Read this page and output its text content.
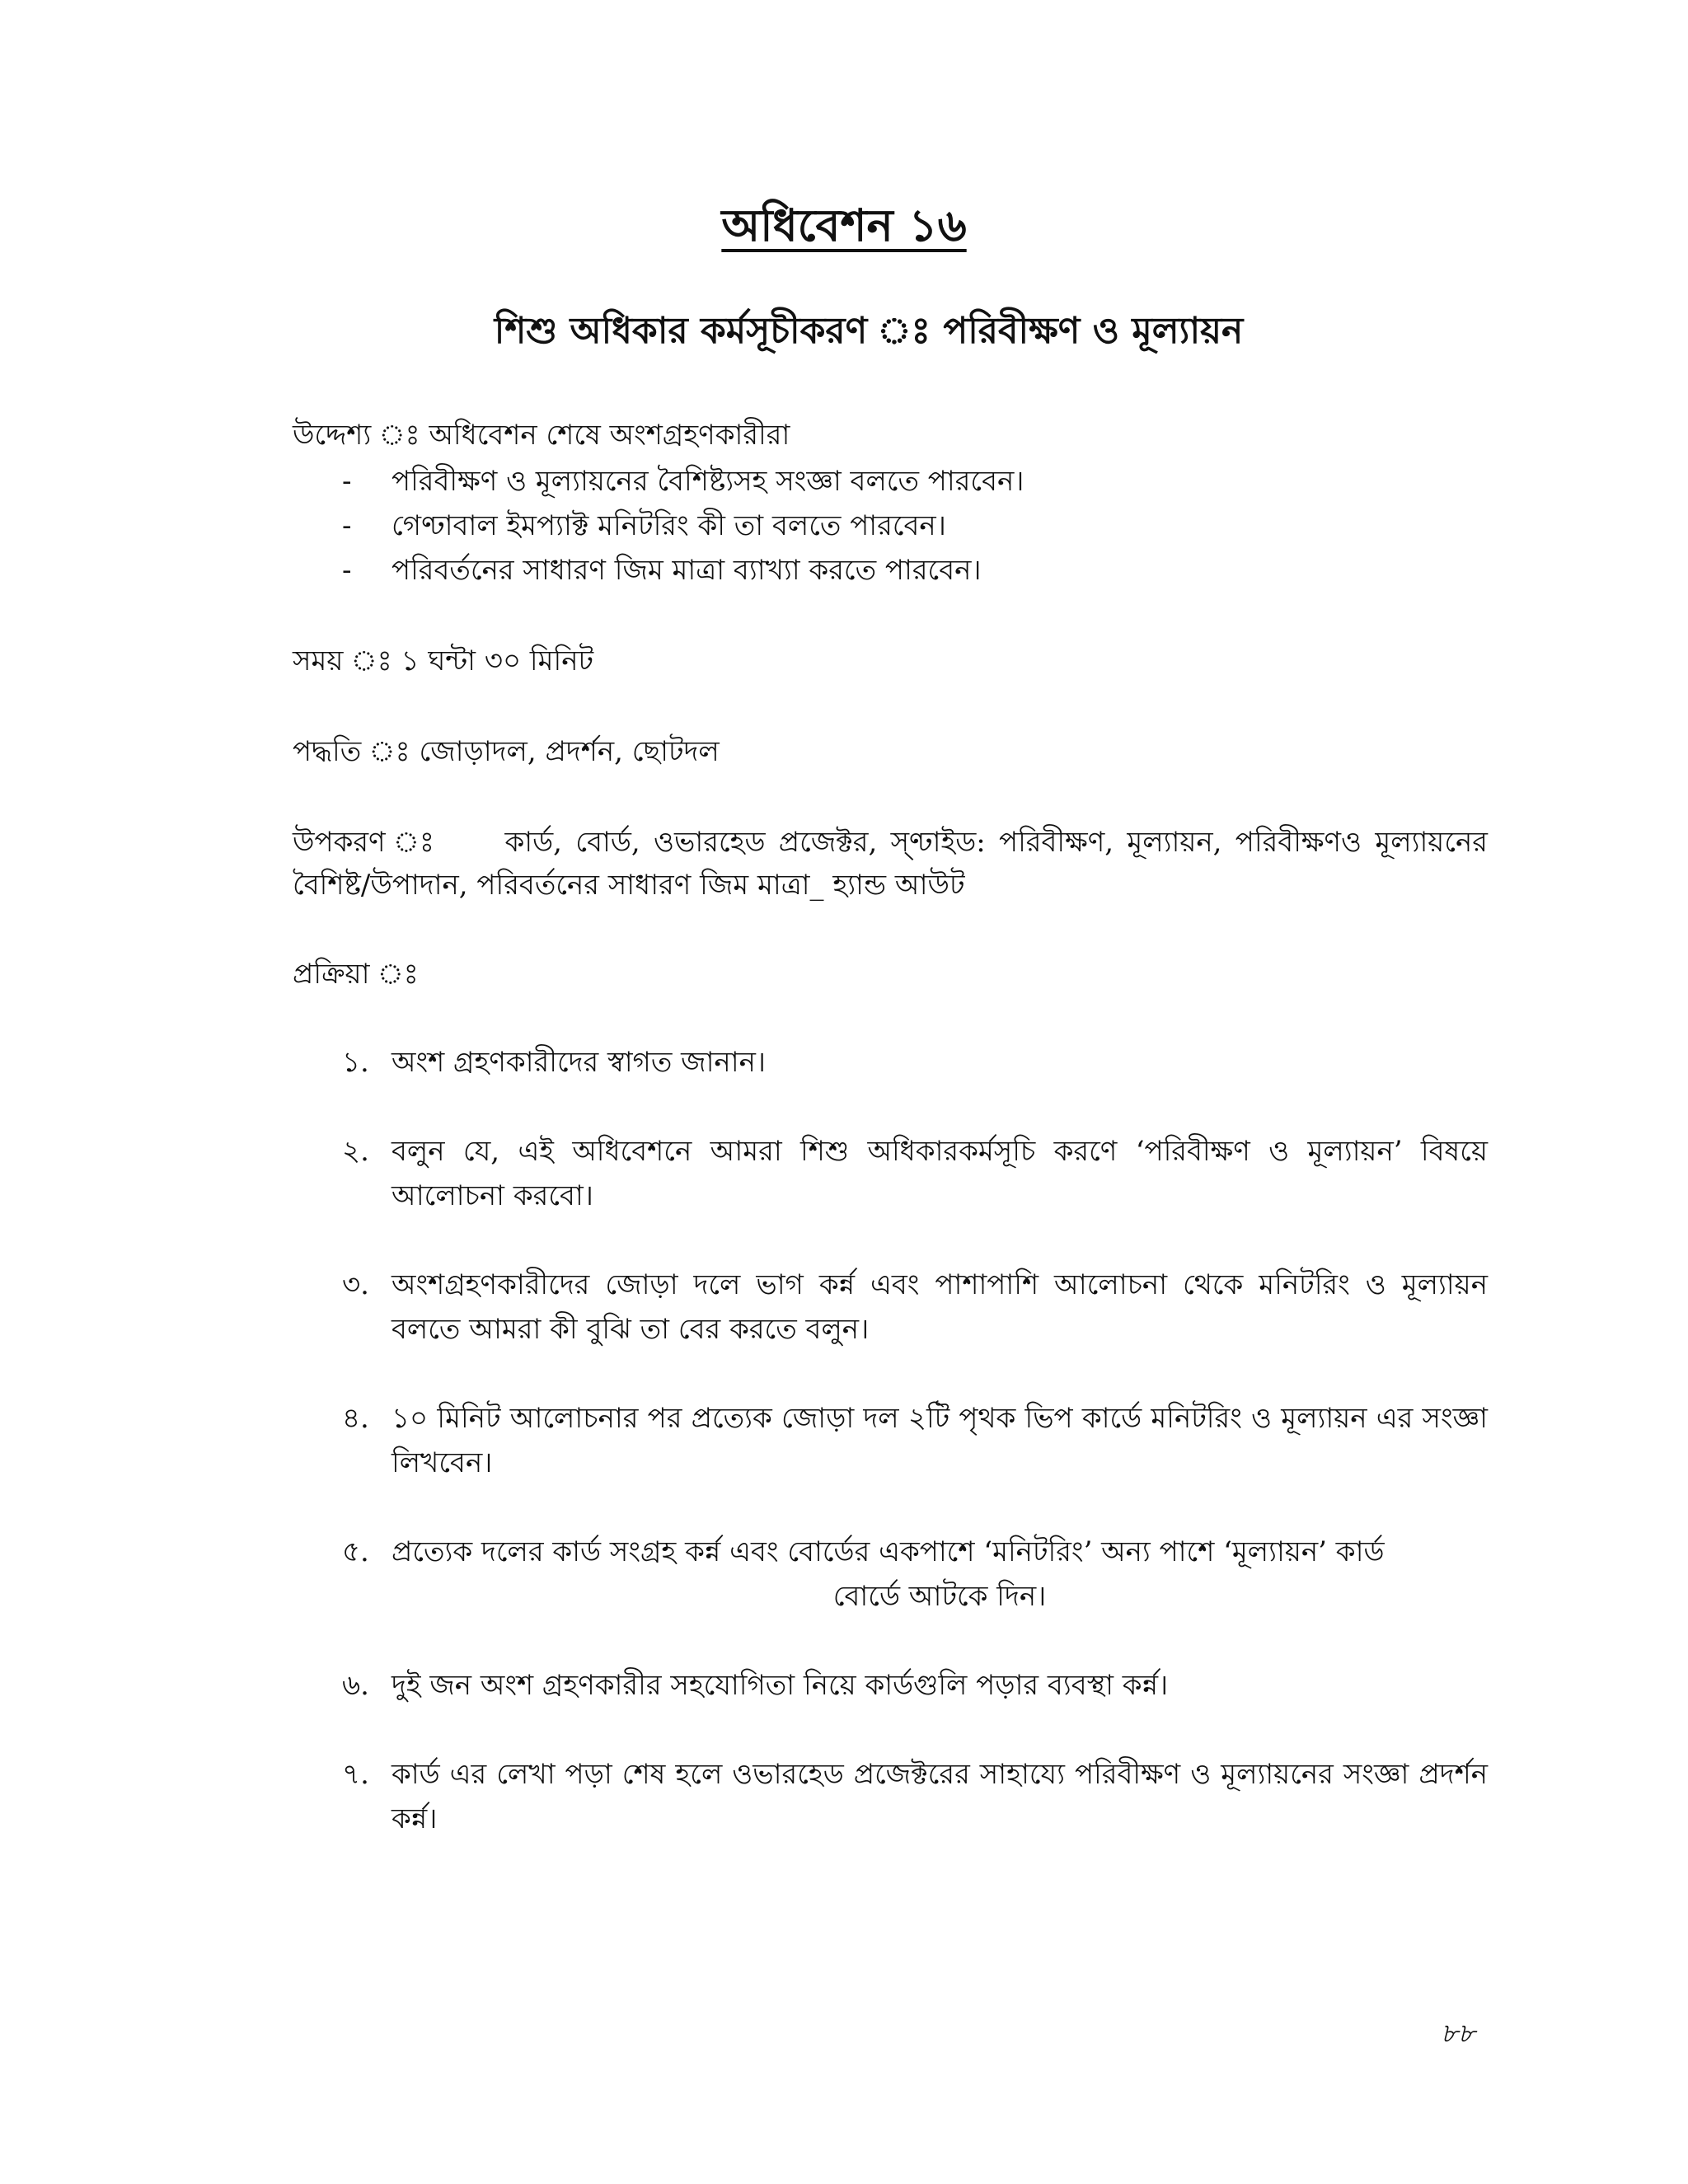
অধিবেশন ১৬
শিশু অধিকার কর্মসূচীকরণ ঃ পরিবীক্ষণ ও মূল্যায়ন
উদ্দেশ্য ঃ অধিবেশন শেষে অংশগ্রহণকারীরা
-	পরিবীক্ষণ ও মূল্যায়নের বৈশিষ্ট্যসহ সংজ্ঞা বলতে পারবেন।
-	গেণ্ঢাবাল ইমপ্যাক্ট মনিটরিং কী তা বলতে পারবেন।
-	পরিবর্তনের সাধারণ জিম মাত্রা ব্যাখ্যা করতে পারবেন।
সময় ঃ ১ ঘন্টা ৩০ মিনিট
পদ্ধতি ঃ জোড়াদল, প্রদর্শন, ছোটদল
উপকরণ ঃ কার্ড, বোর্ড, ওভারহেড প্রজেক্টর, স্ণ্ঢাইড: পরিবীক্ষণ, মূল্যায়ন, পরিবীক্ষণও মূল্যায়নের বৈশিষ্ট/উপাদান, পরিবর্তনের সাধারণ জিম মাত্রা_ হ্যান্ড আউট
প্রক্রিয়া ঃ
১. অংশ গ্রহণকারীদের স্বাগত জানান।
২. বলুন যে, এই অধিবেশনে আমরা শিশু অধিকারকর্মসূচি করণে ‘পরিবীক্ষণ ও মূল্যায়ন’ বিষয়ে আলোচনা করবো।
৩. অংশগ্রহণকারীদের জোড়া দলে ভাগ কর্ন্ন এবং পাশাপাশি আলোচনা থেকে মনিটরিং ও মূল্যায়ন বলতে আমরা কী বুঝি তা বের করতে বলুন।
৪. ১০ মিনিট আলোচনার পর প্রত্যেক জোড়া দল ২টি পৃথক ভিপ কার্ডে মনিটরিং ও মূল্যায়ন এর সংজ্ঞা লিখবেন।
৫. প্রত্যেক দলের কার্ড সংগ্রহ কর্ন্ন এবং বোর্ডের একপাশে ‘মনিটরিং’ অন্য পাশে ‘মূল্যায়ন’ কার্ড
বোর্ডে আটকে দিন।
৬. দুই জন অংশ গ্রহণকারীর সহযোগিতা নিয়ে কার্ডগুলি পড়ার ব্যবস্থা কর্ন্ন।
৭. কার্ড এর লেখা পড়া শেষ হলে ওভারহেড প্রজেক্টরের সাহায্যে পরিবীক্ষণ ও মূল্যায়নের সংজ্ঞা প্রদর্শন কর্ন্ন।
৮৮
